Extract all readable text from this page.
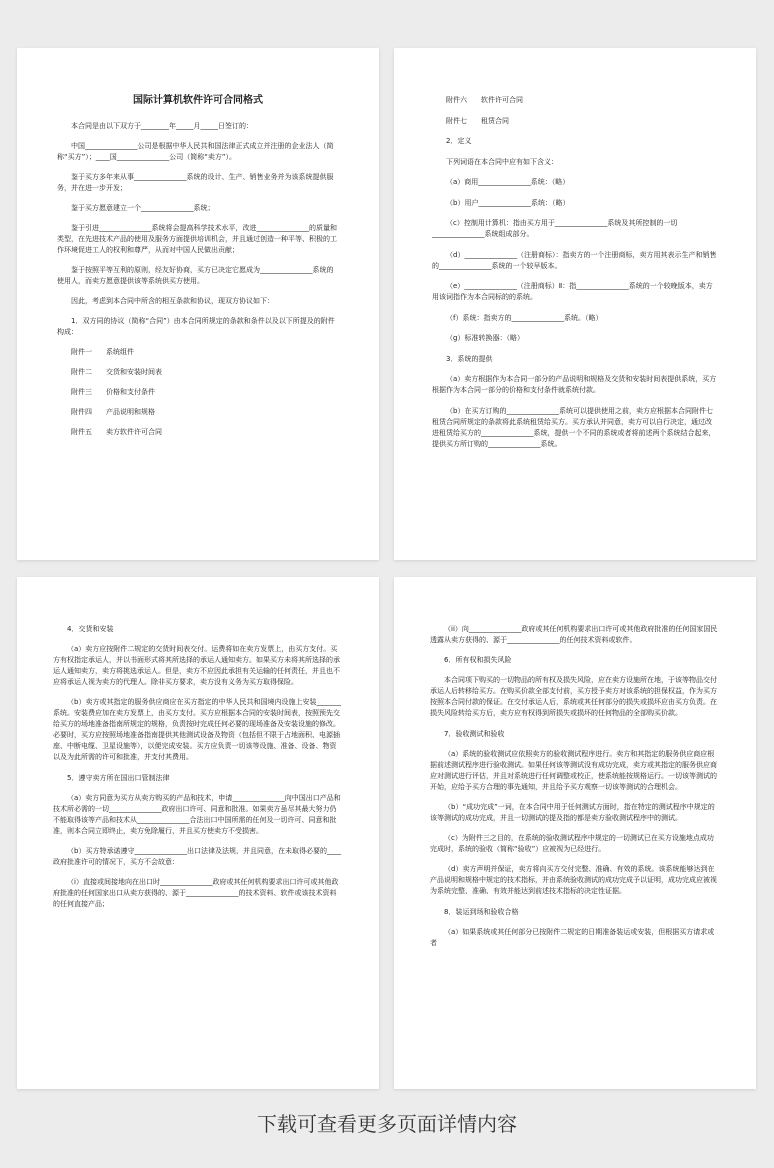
国际计算机软件许可合同格式

本合同是由以下双方于________年_____月_____日签订的：

中国_______________公司是根据中华人民共和国法律正式成立并注册的企业法人（简称“买方”）；____国_______________公司（简称“卖方”）。

鉴于买方多年来从事_______________系统的设计、生产、销售业务并为该系统提供服务，并在进一步开发；

鉴于买方愿意建立一个_______________系统；

鉴于引进_______________系统将会提高科学技术水平，改进_______________的质量和类型，在先进技术产品的使用及服务方面提供培训机会，并且通过创造一种平等、积极的工作环境促进工人的权利和尊严，从而对中国人民做出贡献；

鉴于按照平等互利的原则，经友好协商，买方已决定它愿成为_______________系统的使用人，而卖方愿意提供该等系统供买方使用。

因此，考虑到本合同中所含的相互条款和协议，现双方协议如下：

1．双方同的协议（简称“合同”）由本合同所规定的条款和条件以及以下所提及的附件构成：

附件一　　系统组件

附件二　　交货和安装时间表

附件三　　价格和支付条件

附件四　　产品说明和规格

附件五　　卖方软件许可合同

附件六　　软件许可合同

附件七　　租赁合同

2．定义

下列词语在本合同中应有如下含义：

（a）商用_______________系统：（略）

（b）用户_______________系统：（略）

（c）控制用计算机：指由买方用于_______________系统及其所控制的一切_______________系统组成部分。

（d）_______________（注册商标）：指卖方的一个注册商标，卖方用其表示生产和销售的_______________系统的一个较早版本。

（e）_______________（注册商标）Ⅱ：指_______________系统的一个较晚版本，卖方用该词指作为本合同标的的系统。

（f）系统：指卖方的_______________系统。（略）

（g）标准转换器：（略）

3．系统的提供

（a）卖方根据作为本合同一部分的产品说明和规格及交货和安装时间表提供系统，买方根据作为本合同一部分的价格和支付条件就系统付款。

（b）在买方订购的_______________系统可以提供使用之前，卖方应根据本合同附件七租赁合同所规定的条款将此系统租赁给买方。买方承认并同意，卖方可以自行决定，通过改进租赁给买方的_______________系统，提供一个不同的系统或者将前述两个系统结合起来，提供买方所订购的_______________系统。

4．交货和安装

（a）卖方应按附件二规定的交货时间表交付。运费将如在卖方发票上，由买方支付。买方有权指定承运人，并以书面形式将其所选择的承运人通知卖方。如果买方未将其所选择的承运人通知卖方，卖方将挑选承运人。但是，卖方不应因此承担有关运输的任何责任，并且也不应将承运人视为卖方的代理人。除非买方要求，卖方没有义务为买方取得保险。

（b）卖方或其指定的服务供应商应在买方指定的中华人民共和国境内设施上安装_______系统。安装费应加在卖方发票上，由买方支付。买方应根据本合同的安装时间表，按照预先交给买方的场地准备指南所规定的规格，负责按时完成任何必要的现场准备及安装设施的修改。必要时，买方应按照场地准备指南提供其他测试设备及物资（包括但不限于占地面积、电源插座、中断电缆、卫星设施等），以便完成安装。买方应负责一切该等设施、准备、设备、物资以及为此所需的许可和批准，并支付其费用。

5．遵守卖方所在国出口管制法律

（a）卖方同意为买方从卖方购买的产品和技术，申请_______________向中国出口产品和技术所必需的一切_______________政府出口许可、同意和批准。如果卖方虽尽其最大努力仍不能取得该等产品和技术从_______________合法出口中国所需的任何及一切许可、同意和批准，则本合同立即终止，卖方免除履行，并且买方使卖方不受损害。

（b）买方特承诺遵守_______________出口法律及法规，并且同意，在未取得必要的____政府批准许可的情况下，买方不会故意：

（ⅰ）直接或间接地向在出口时_______________政府或其任何机构要求出口许可或其他政府批准的任何国家出口从卖方获得的、源于_______________的技术资料、软件或该技术资料的任何直接产品；

（ⅰⅰ）向_______________政府或其任何机构要求出口许可或其他政府批准的任何国家国民透露从卖方获得的、源于_______________的任何技术资料或软件。

6．所有权和损失风险

本合同项下购买的一切物品的所有权及损失风险，应在卖方设施所在地，于该等物品交付承运人后转移给买方。在购买价款全部支付前，买方授予卖方对该系统的担保权益，作为买方按照本合同付款的保证。在交付承运人后，系统或其任何部分的损失或损坏应由买方负责。在损失风险转给买方后，卖方应有权得到所损失或损坏的任何物品的全部购买价款。

7．验收测试和验收

（a）系统的验收测试应依照卖方的验收测试程序进行。卖方和其指定的服务供应商应根据前述测试程序进行验收测试。如果任何该等测试没有成功完成，卖方或其指定的服务供应商应对测试进行评估，并且对系统进行任何调整或校正，使系统能按规格运行。一切该等测试的开始，应给予买方合理的事先通知，并且给予买方观察一切该等测试的合理机会。

（b）“成功完成”一词，在本合同中用于任何测试方面时，指在特定的测试程序中规定的该等测试的成功完成，并且一切测试的提及指的都是卖方验收测试程序中的测试。

（c）为附件三之目的，在系统的验收测试程序中规定的一切测试已在买方设施地点成功完成时，系统的验收（简称“验收”）应被视为已经进行。

（d）卖方声明并保证，卖方将向买方交付完整、准确、有效的系统。该系统能够达到在产品说明和规格中规定的技术指标，并由系统验收测试的成功完成予以证明，成功完成应被视为系统完整、准确、有效并能达到前述技术指标的决定性证据。

8．装运到场和验收合格

（a）如果系统或其任何部分已按附件二规定的日期准备装运或安装，但根据买方请求或者

下载可查看更多页面详情内容
